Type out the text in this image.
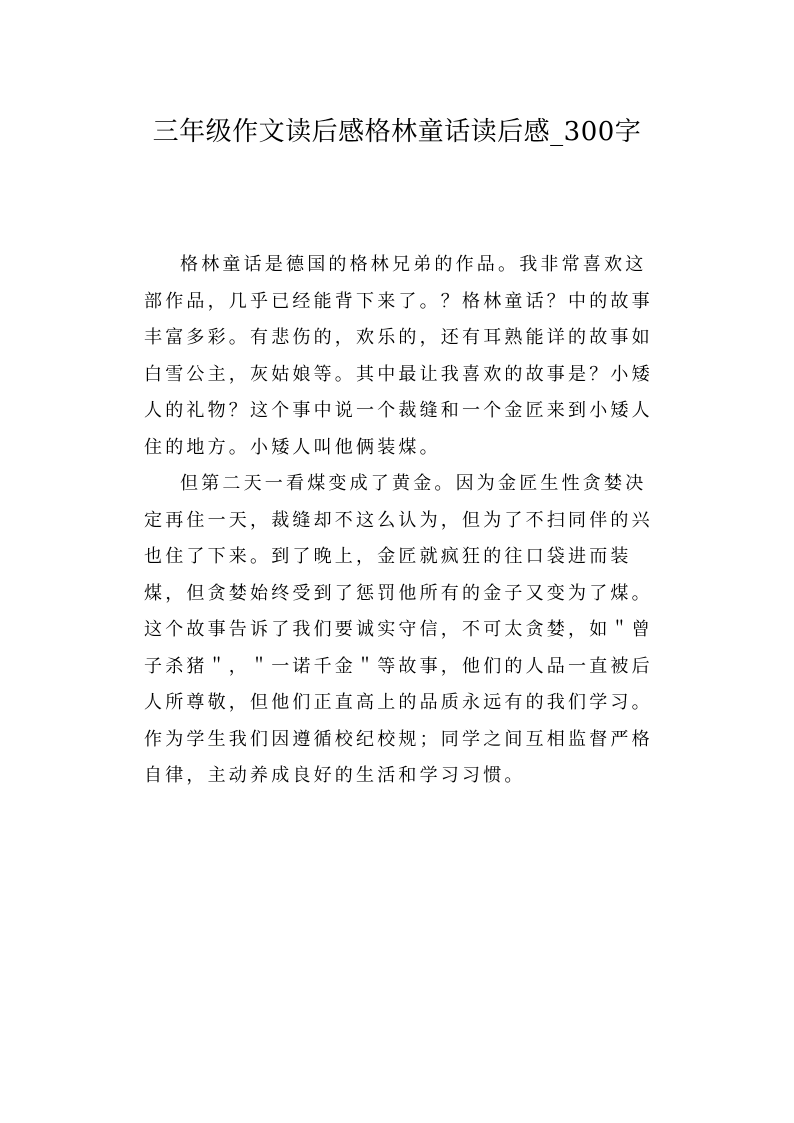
三年级作文读后感格林童话读后感_300字

格林童话是德国的格林兄弟的作品。我非常喜欢这部作品，几乎已经能背下来了。？格林童话？中的故事丰富多彩。有悲伤的，欢乐的，还有耳熟能详的故事如白雪公主，灰姑娘等。其中最让我喜欢的故事是？小矮人的礼物？这个事中说一个裁缝和一个金匠来到小矮人住的地方。小矮人叫他俩装煤。

但第二天一看煤变成了黄金。因为金匠生性贪婪决定再住一天，裁缝却不这么认为，但为了不扫同伴的兴也住了下来。到了晚上，金匠就疯狂的往口袋进而装煤，但贪婪始终受到了惩罚他所有的金子又变为了煤。这个故事告诉了我们要诚实守信，不可太贪婪，如＂曾子杀猪＂，＂一诺千金＂等故事，他们的人品一直被后人所尊敬，但他们正直高上的品质永远有的我们学习。作为学生我们因遵循校纪校规；同学之间互相监督严格自律，主动养成良好的生活和学习习惯。
